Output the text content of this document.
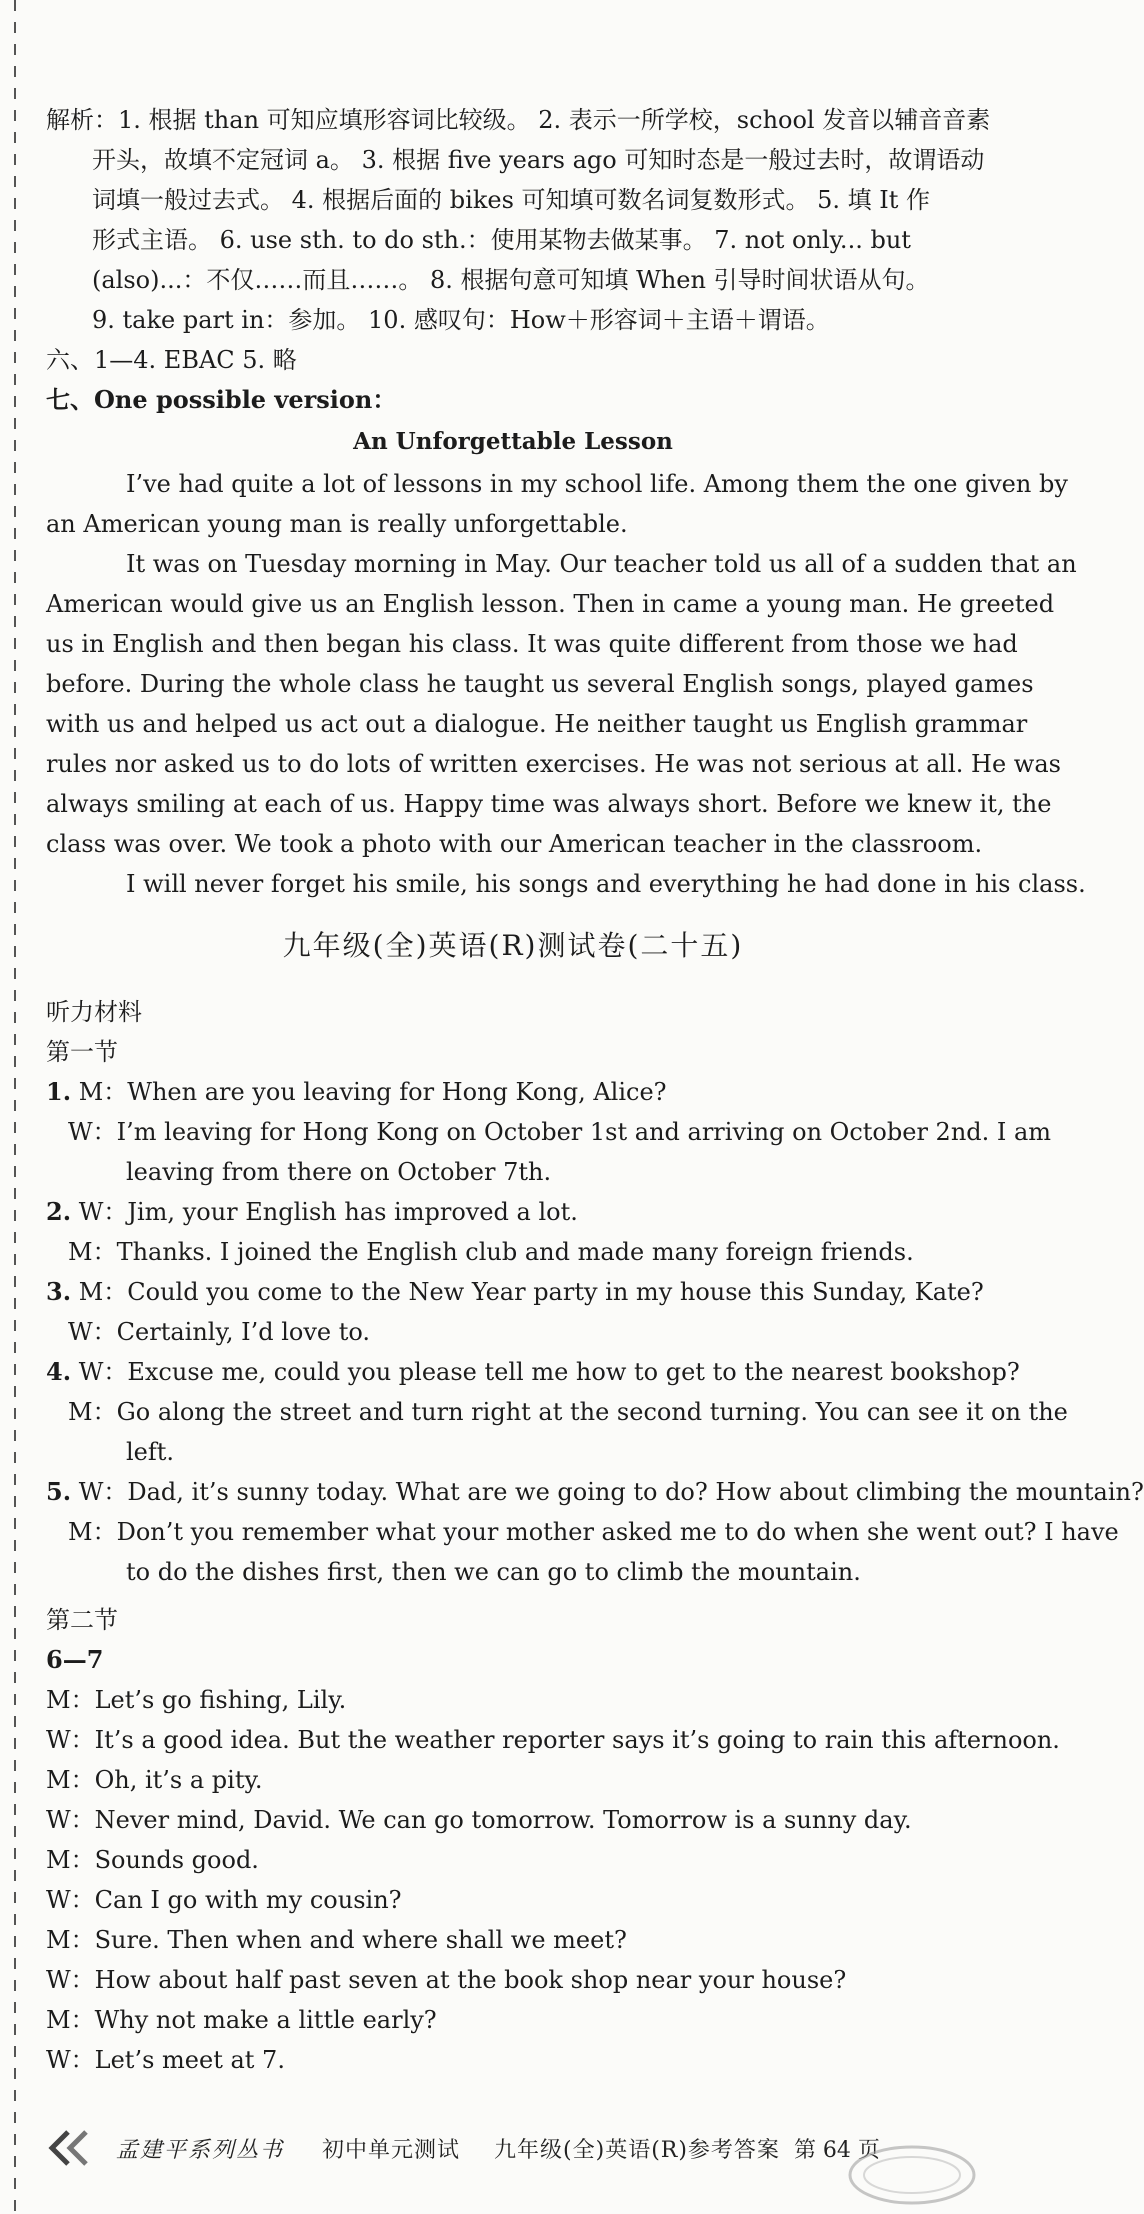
解析：1. 根据 than 可知应填形容词比较级。 2. 表示一所学校，school 发音以辅音音素
开头，故填不定冠词 a。 3. 根据 five years ago 可知时态是一般过去时，故谓语动
词填一般过去式。 4. 根据后面的 bikes 可知填可数名词复数形式。 5. 填 It 作
形式主语。 6. use sth. to do sth.：使用某物去做某事。 7. not only... but
(also)...：不仅……而且……。 8. 根据句意可知填 When 引导时间状语从句。
9. take part in：参加。 10. 感叹句：How＋形容词＋主语＋谓语。
六、1—4. EBAC 5. 略
七、One possible version：
An Unforgettable Lesson
I’ve had quite a lot of lessons in my school life. Among them the one given by
an American young man is really unforgettable.
It was on Tuesday morning in May. Our teacher told us all of a sudden that an
American would give us an English lesson. Then in came a young man. He greeted
us in English and then began his class. It was quite different from those we had
before. During the whole class he taught us several English songs, played games
with us and helped us act out a dialogue. He neither taught us English grammar
rules nor asked us to do lots of written exercises. He was not serious at all. He was
always smiling at each of us. Happy time was always short. Before we knew it, the
class was over. We took a photo with our American teacher in the classroom.
I will never forget his smile, his songs and everything he had done in his class.
九年级(全)英语(R)测试卷(二十五)
听力材料
第一节
1. M：When are you leaving for Hong Kong, Alice?
W：I’m leaving for Hong Kong on October 1st and arriving on October 2nd. I am
leaving from there on October 7th.
2. W：Jim, your English has improved a lot.
M：Thanks. I joined the English club and made many foreign friends.
3. M：Could you come to the New Year party in my house this Sunday, Kate?
W：Certainly, I’d love to.
4. W：Excuse me, could you please tell me how to get to the nearest bookshop?
M：Go along the street and turn right at the second turning. You can see it on the
left.
5. W：Dad, it’s sunny today. What are we going to do? How about climbing the mountain?
M：Don’t you remember what your mother asked me to do when she went out? I have
to do the dishes first, then we can go to climb the mountain.
第二节
6—7
M：Let’s go fishing, Lily.
W：It’s a good idea. But the weather reporter says it’s going to rain this afternoon.
M：Oh, it’s a pity.
W：Never mind, David. We can go tomorrow. Tomorrow is a sunny day.
M：Sounds good.
W：Can I go with my cousin?
M：Sure. Then when and where shall we meet?
W：How about half past seven at the book shop near your house?
M：Why not make a little early?
W：Let’s meet at 7.
孟建平系列丛书 初中单元测试 九年级(全)英语(R)参考答案 第 64 页
